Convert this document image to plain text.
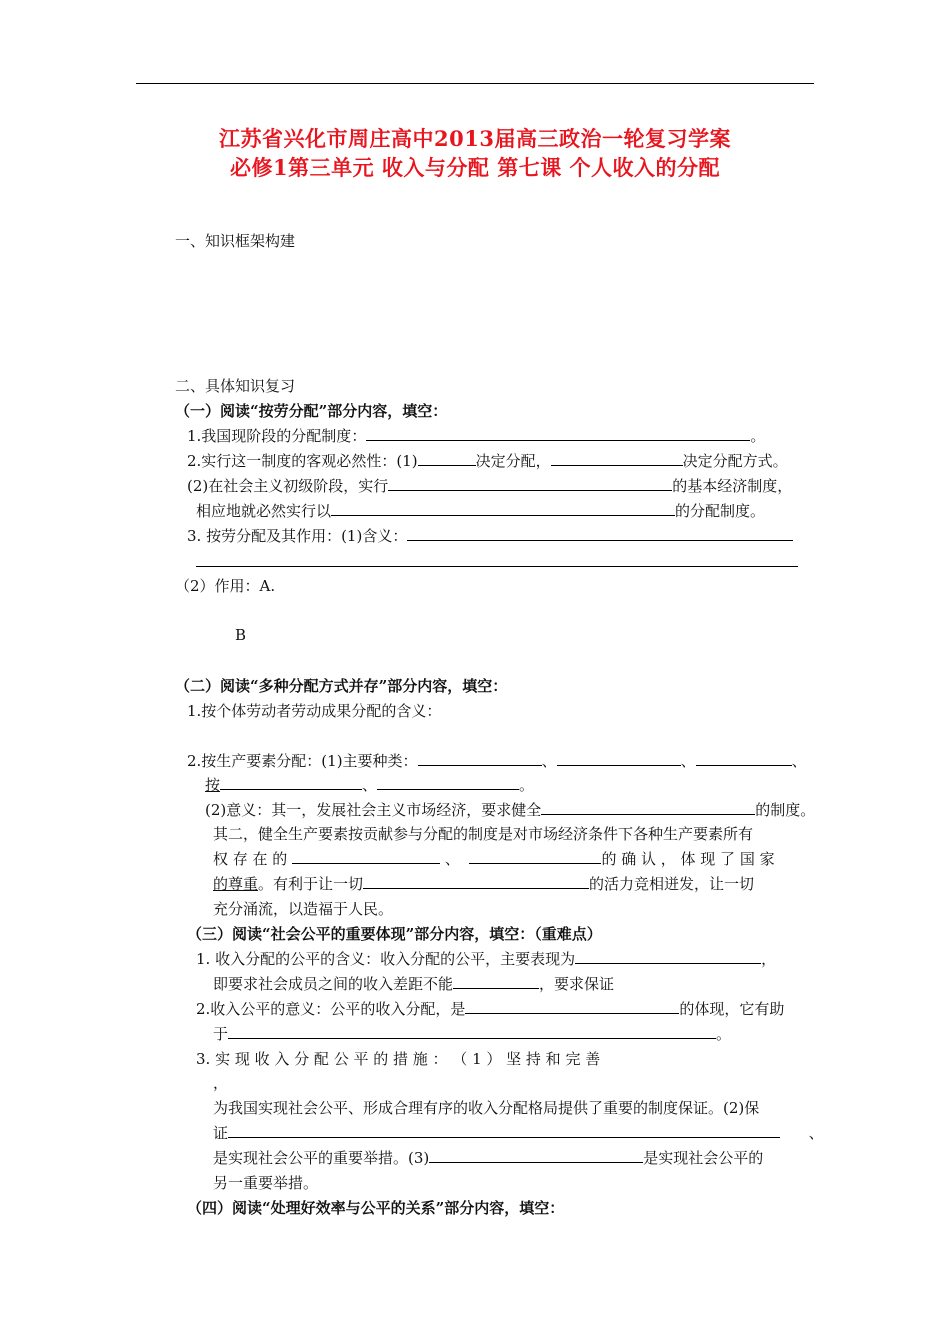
江苏省兴化市周庄高中2013届高三政治一轮复习学案
必修1第三单元 收入与分配 第七课 个人收入的分配
一、知识框架构建
二、具体知识复习
（一）阅读“按劳分配”部分内容，填空：
1.我国现阶段的分配制度：	。
2.实行这一制度的客观必然性：(1)	决定分配，	决定分配方式。
(2)在社会主义初级阶段，实行	的基本经济制度，
相应地就必然实行以	的分配制度。
3. 按劳分配及其作用：(1)含义：
（2）作用：A.
B
（二）阅读“多种分配方式并存”部分内容，填空：
1.按个体劳动者劳动成果分配的含义：
2.按生产要素分配：(1)主要种类：	、	、	、
按	、	。
(2)意义：其一，发展社会主义市场经济，要求健全	的制度。
其二，健全生产要素按贡献参与分配的制度是对市场经济条件下各种生产要素所有
权 存 在 的	、	的 确 认 ， 体 现 了 国 家
的尊重。有利于让一切	的活力竞相迸发，让一切
充分涌流，以造福于人民。
（三）阅读“社会公平的重要体现”部分内容，填空：（重难点）
1. 收入分配的公平的含义：收入分配的公平，主要表现为	，
即要求社会成员之间的收入差距不能	，要求保证
2.收入公平的意义：公平的收入分配，是	的体现，它有助
于	。
3. 实 现 收 入 分 配 公 平 的 措 施 ： （ 1 ） 坚 持 和 完 善
，
为我国实现社会公平、形成合理有序的收入分配格局提供了重要的制度保证。(2)保
证	、
是实现社会公平的重要举措。(3)	是实现社会公平的
另一重要举措。
（四）阅读“处理好效率与公平的关系”部分内容，填空：
